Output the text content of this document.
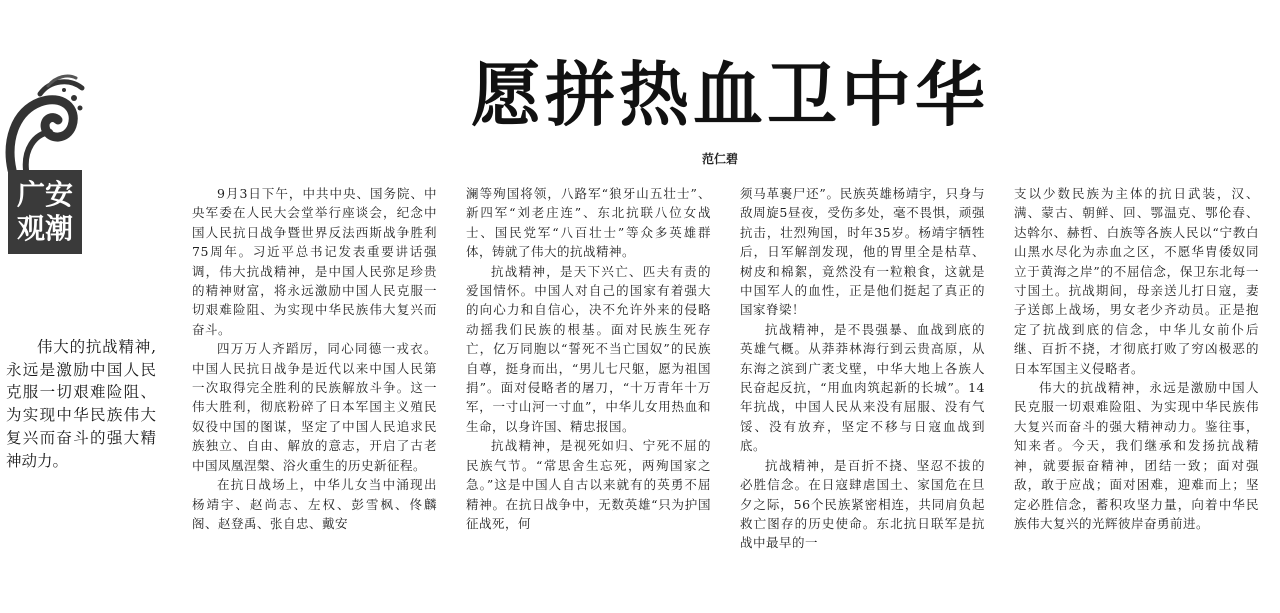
广安
观潮
愿拼热血卫中华
范仁碧
伟大的抗战精神,永远是激励中国人民克服一切艰难险阻、为实现中华民族伟大复兴而奋斗的强大精神动力。

9月3日下午，中共中央、国务院、中央军委在人民大会堂举行座谈会，纪念中国人民抗日战争暨世界反法西斯战争胜利75周年。习近平总书记发表重要讲话强调，伟大抗战精神，是中国人民弥足珍贵的精神财富，将永远激励中国人民克服一切艰难险阻、为实现中华民族伟大复兴而奋斗。

四万万人齐蹈厉，同心同德一戎衣。中国人民抗日战争是近代以来中国人民第一次取得完全胜利的民族解放斗争。这一伟大胜利，彻底粉碎了日本军国主义殖民奴役中国的图谋，坚定了中国人民追求民族独立、自由、解放的意志，开启了古老中国凤凰涅槃、浴火重生的历史新征程。

在抗日战场上，中华儿女当中涌现出杨靖宇、赵尚志、左权、彭雪枫、佟麟阁、赵登禹、张自忠、戴安

澜等殉国将领，八路军“狼牙山五壮士”、新四军“刘老庄连”、东北抗联八位女战士、国民党军“八百壮士”等众多英雄群体，铸就了伟大的抗战精神。

抗战精神，是天下兴亡、匹夫有责的爱国情怀。中国人对自己的国家有着强大的向心力和自信心，决不允许外来的侵略动摇我们民族的根基。面对民族生死存亡，亿万同胞以“誓死不当亡国奴”的民族自尊，挺身而出，“男儿七尺躯，愿为祖国捐”。面对侵略者的屠刀，“十万青年十万军，一寸山河一寸血”，中华儿女用热血和生命，以身许国、精忠报国。

抗战精神，是视死如归、宁死不屈的民族气节。“常思舍生忘死，两殉国家之急。”这是中国人自古以来就有的英勇不屈精神。在抗日战争中，无数英雄“只为护国征战死，何

须马革裹尸还”。民族英雄杨靖宇，只身与敌周旋5昼夜，受伤多处，毫不畏惧，顽强抗击，壮烈殉国，时年35岁。杨靖宇牺牲后，日军解剖发现，他的胃里全是枯草、树皮和棉絮，竟然没有一粒粮食，这就是中国军人的血性，正是他们挺起了真正的国家脊梁！

抗战精神，是不畏强暴、血战到底的英雄气概。从莽莽林海行到云贵高原，从东海之滨到广袤戈壁，中华大地上各族人民奋起反抗，“用血肉筑起新的长城”。14年抗战，中国人民从来没有屈服、没有气馁、没有放弃，坚定不移与日寇血战到底。

抗战精神，是百折不挠、坚忍不拔的必胜信念。在日寇肆虐国土、家国危在旦夕之际，56个民族紧密相连，共同肩负起救亡图存的历史使命。东北抗日联军是抗战中最早的一

支以少数民族为主体的抗日武装，汉、满、蒙古、朝鲜、回、鄂温克、鄂伦春、达斡尔、赫哲、白族等各族人民以“宁教白山黑水尽化为赤血之区，不愿华胄倭奴同立于黄海之岸”的不屈信念，保卫东北每一寸国土。抗战期间，母亲送儿打日寇，妻子送郎上战场，男女老少齐动员。正是抱定了抗战到底的信念，中华儿女前仆后继、百折不挠，才彻底打败了穷凶极恶的日本军国主义侵略者。

伟大的抗战精神，永远是激励中国人民克服一切艰难险阻、为实现中华民族伟大复兴而奋斗的强大精神动力。鉴往事，知来者。今天，我们继承和发扬抗战精神，就要振奋精神，团结一致；面对强敌，敢于应战；面对困难，迎难而上；坚定必胜信念，蓄积攻坚力量，向着中华民族伟大复兴的光辉彼岸奋勇前进。
